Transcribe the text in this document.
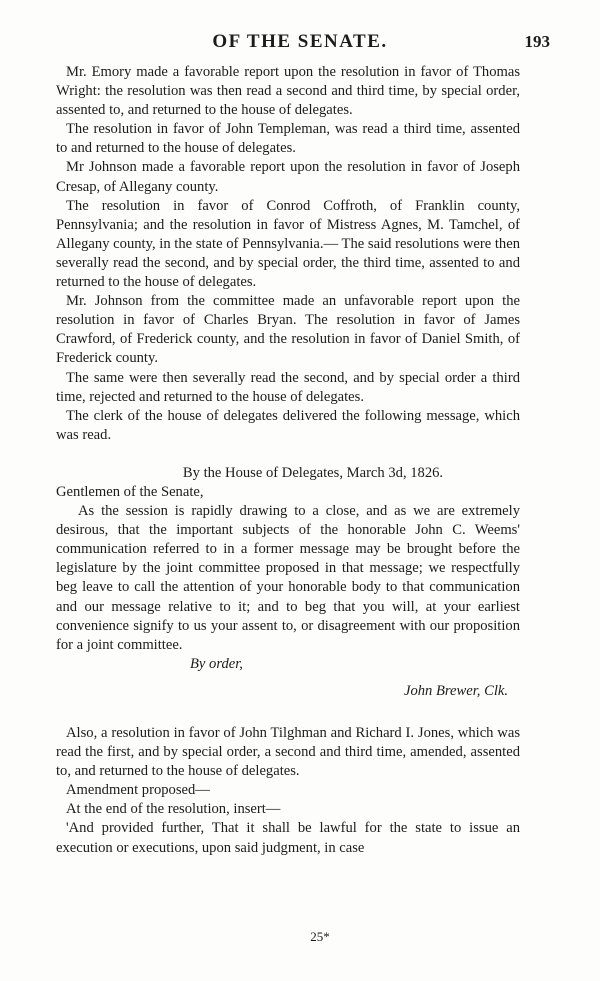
OF THE SENATE.	193

Mr. Emory made a favorable report upon the resolution in favor of Thomas Wright: the resolution was then read a second and third time, by special order, assented to, and returned to the house of delegates.

The resolution in favor of John Templeman, was read a third time, assented to and returned to the house of delegates.

Mr Johnson made a favorable report upon the resolution in favor of Joseph Cresap, of Allegany county.

The resolution in favor of Conrod Coffroth, of Franklin county, Pennsylvania; and the resolution in favor of Mistress Agnes, M. Tamchel, of Allegany county, in the state of Pennsylvania.— The said resolutions were then severally read the second, and by special order, the third time, assented to and returned to the house of delegates.

Mr. Johnson from the committee made an unfavorable report upon the resolution in favor of Charles Bryan. The resolution in favor of James Crawford, of Frederick county, and the resolution in favor of Daniel Smith, of Frederick county.

The same were then severally read the second, and by special order a third time, rejected and returned to the house of delegates.

The clerk of the house of delegates delivered the following message, which was read.

By the House of Delegates, March 3d, 1826.

Gentlemen of the Senate,

As the session is rapidly drawing to a close, and as we are extremely desirous, that the important subjects of the honorable John C. Weems' communication referred to in a former message may be brought before the legislature by the joint committee proposed in that message; we respectfully beg leave to call the attention of your honorable body to that communication and our message relative to it; and to beg that you will, at your earliest convenience signify to us your assent to, or disagreement with our proposition for a joint committee.

By order,

John Brewer, Clk.

Also, a resolution in favor of John Tilghman and Richard I. Jones, which was read the first, and by special order, a second and third time, amended, assented to, and returned to the house of delegates.

Amendment proposed—

At the end of the resolution, insert—

'And provided further, That it shall be lawful for the state to issue an execution or executions, upon said judgment, in case

25*
